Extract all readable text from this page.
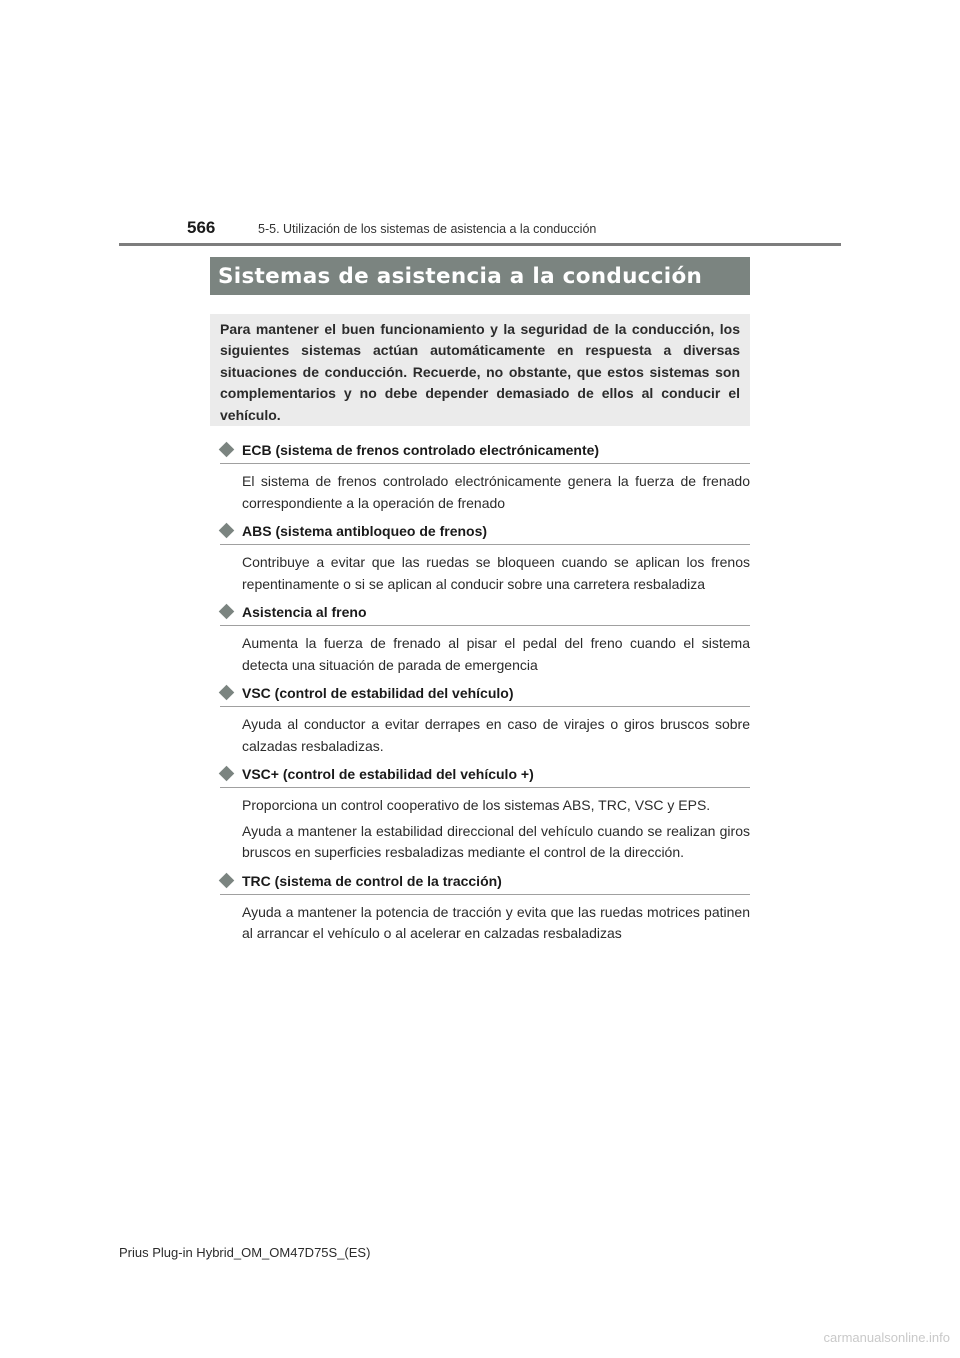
566	5-5. Utilización de los sistemas de asistencia a la conducción
Sistemas de asistencia a la conducción

Para mantener el buen funcionamiento y la seguridad de la conducción, los siguientes sistemas actúan automáticamente en respuesta a diversas situaciones de conducción. Recuerde, no obstante, que estos sistemas son complementarios y no debe depender demasiado de ellos al conducir el vehículo.

ECB (sistema de frenos controlado electrónicamente)

El sistema de frenos controlado electrónicamente genera la fuerza de frenado correspondiente a la operación de frenado

ABS (sistema antibloqueo de frenos)

Contribuye a evitar que las ruedas se bloqueen cuando se aplican los frenos repentinamente o si se aplican al conducir sobre una carretera resbaladiza

Asistencia al freno

Aumenta la fuerza de frenado al pisar el pedal del freno cuando el sistema detecta una situación de parada de emergencia

VSC (control de estabilidad del vehículo)

Ayuda al conductor a evitar derrapes en caso de virajes o giros bruscos sobre calzadas resbaladizas.

VSC+ (control de estabilidad del vehículo +)

Proporciona un control cooperativo de los sistemas ABS, TRC, VSC y EPS.

Ayuda a mantener la estabilidad direccional del vehículo cuando se realizan giros bruscos en superficies resbaladizas mediante el control de la dirección.

TRC (sistema de control de la tracción)

Ayuda a mantener la potencia de tracción y evita que las ruedas motrices patinen al arrancar el vehículo o al acelerar en calzadas resbaladizas

Prius Plug-in Hybrid_OM_OM47D75S_(ES)
carmanualsonline.info
